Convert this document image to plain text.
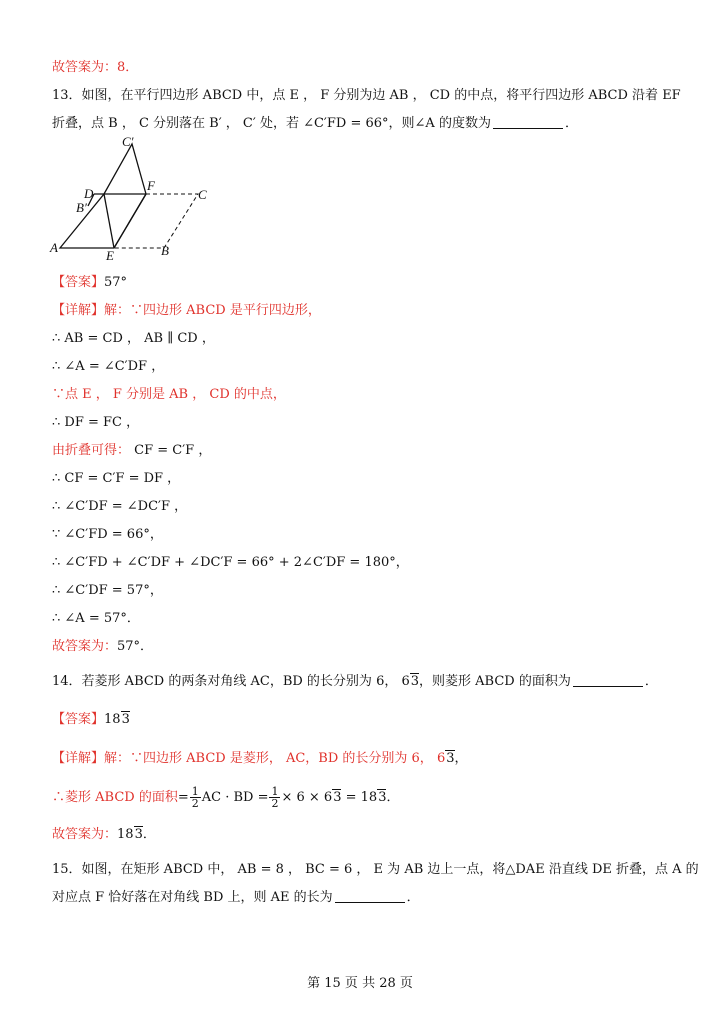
故答案为：8．
13．如图，在平行四边形 ABCD 中，点 E ， F 分别为边 AB ， CD 的中点，将平行四边形 ABCD 沿着 EF
折叠，点 B ， C 分别落在 B′ ， C′ 处，若 ∠C′FD = 66°，则∠A 的度数为	．
C′
D
F
C
B′
A
E	B
【答案】57°
【详解】解：∵四边形 ABCD 是平行四边形，
∴ AB = CD ， AB ∥ CD ，
∴ ∠A = ∠C′DF ，
∵点 E ， F 分别是 AB ， CD 的中点，
∴ DF = FC ，
由折叠可得： CF = C′F ，
∴ CF = C′F = DF ，
∴ ∠C′DF = ∠DC′F ，
∵ ∠C′FD = 66°，
∴ ∠C′FD + ∠C′DF + ∠DC′F = 66° + 2∠C′DF = 180°，
∴ ∠C′DF = 57°，
∴ ∠A = 57°．
故答案为：57°．
14．若菱形 ABCD 的两条对角线 AC，BD 的长分别为 6， 63，则菱形 ABCD 的面积为	．
【答案】183
【详解】解：∵四边形 ABCD 是菱形， AC，BD 的长分别为 6， 63，
∴菱形 ABCD 的面积= $\frac{1}{2}$ AC · BD = $\frac{1}{2} \times 6 \times 63 = 183$．
故答案为：183．
15．如图，在矩形 ABCD 中， AB = 8 ， BC = 6 ， E 为 AB 边上一点，将△DAE 沿直线 DE 折叠，点 A 的
对应点 F 恰好落在对角线 BD 上，则 AE 的长为	．
第 15 页 共 28 页
